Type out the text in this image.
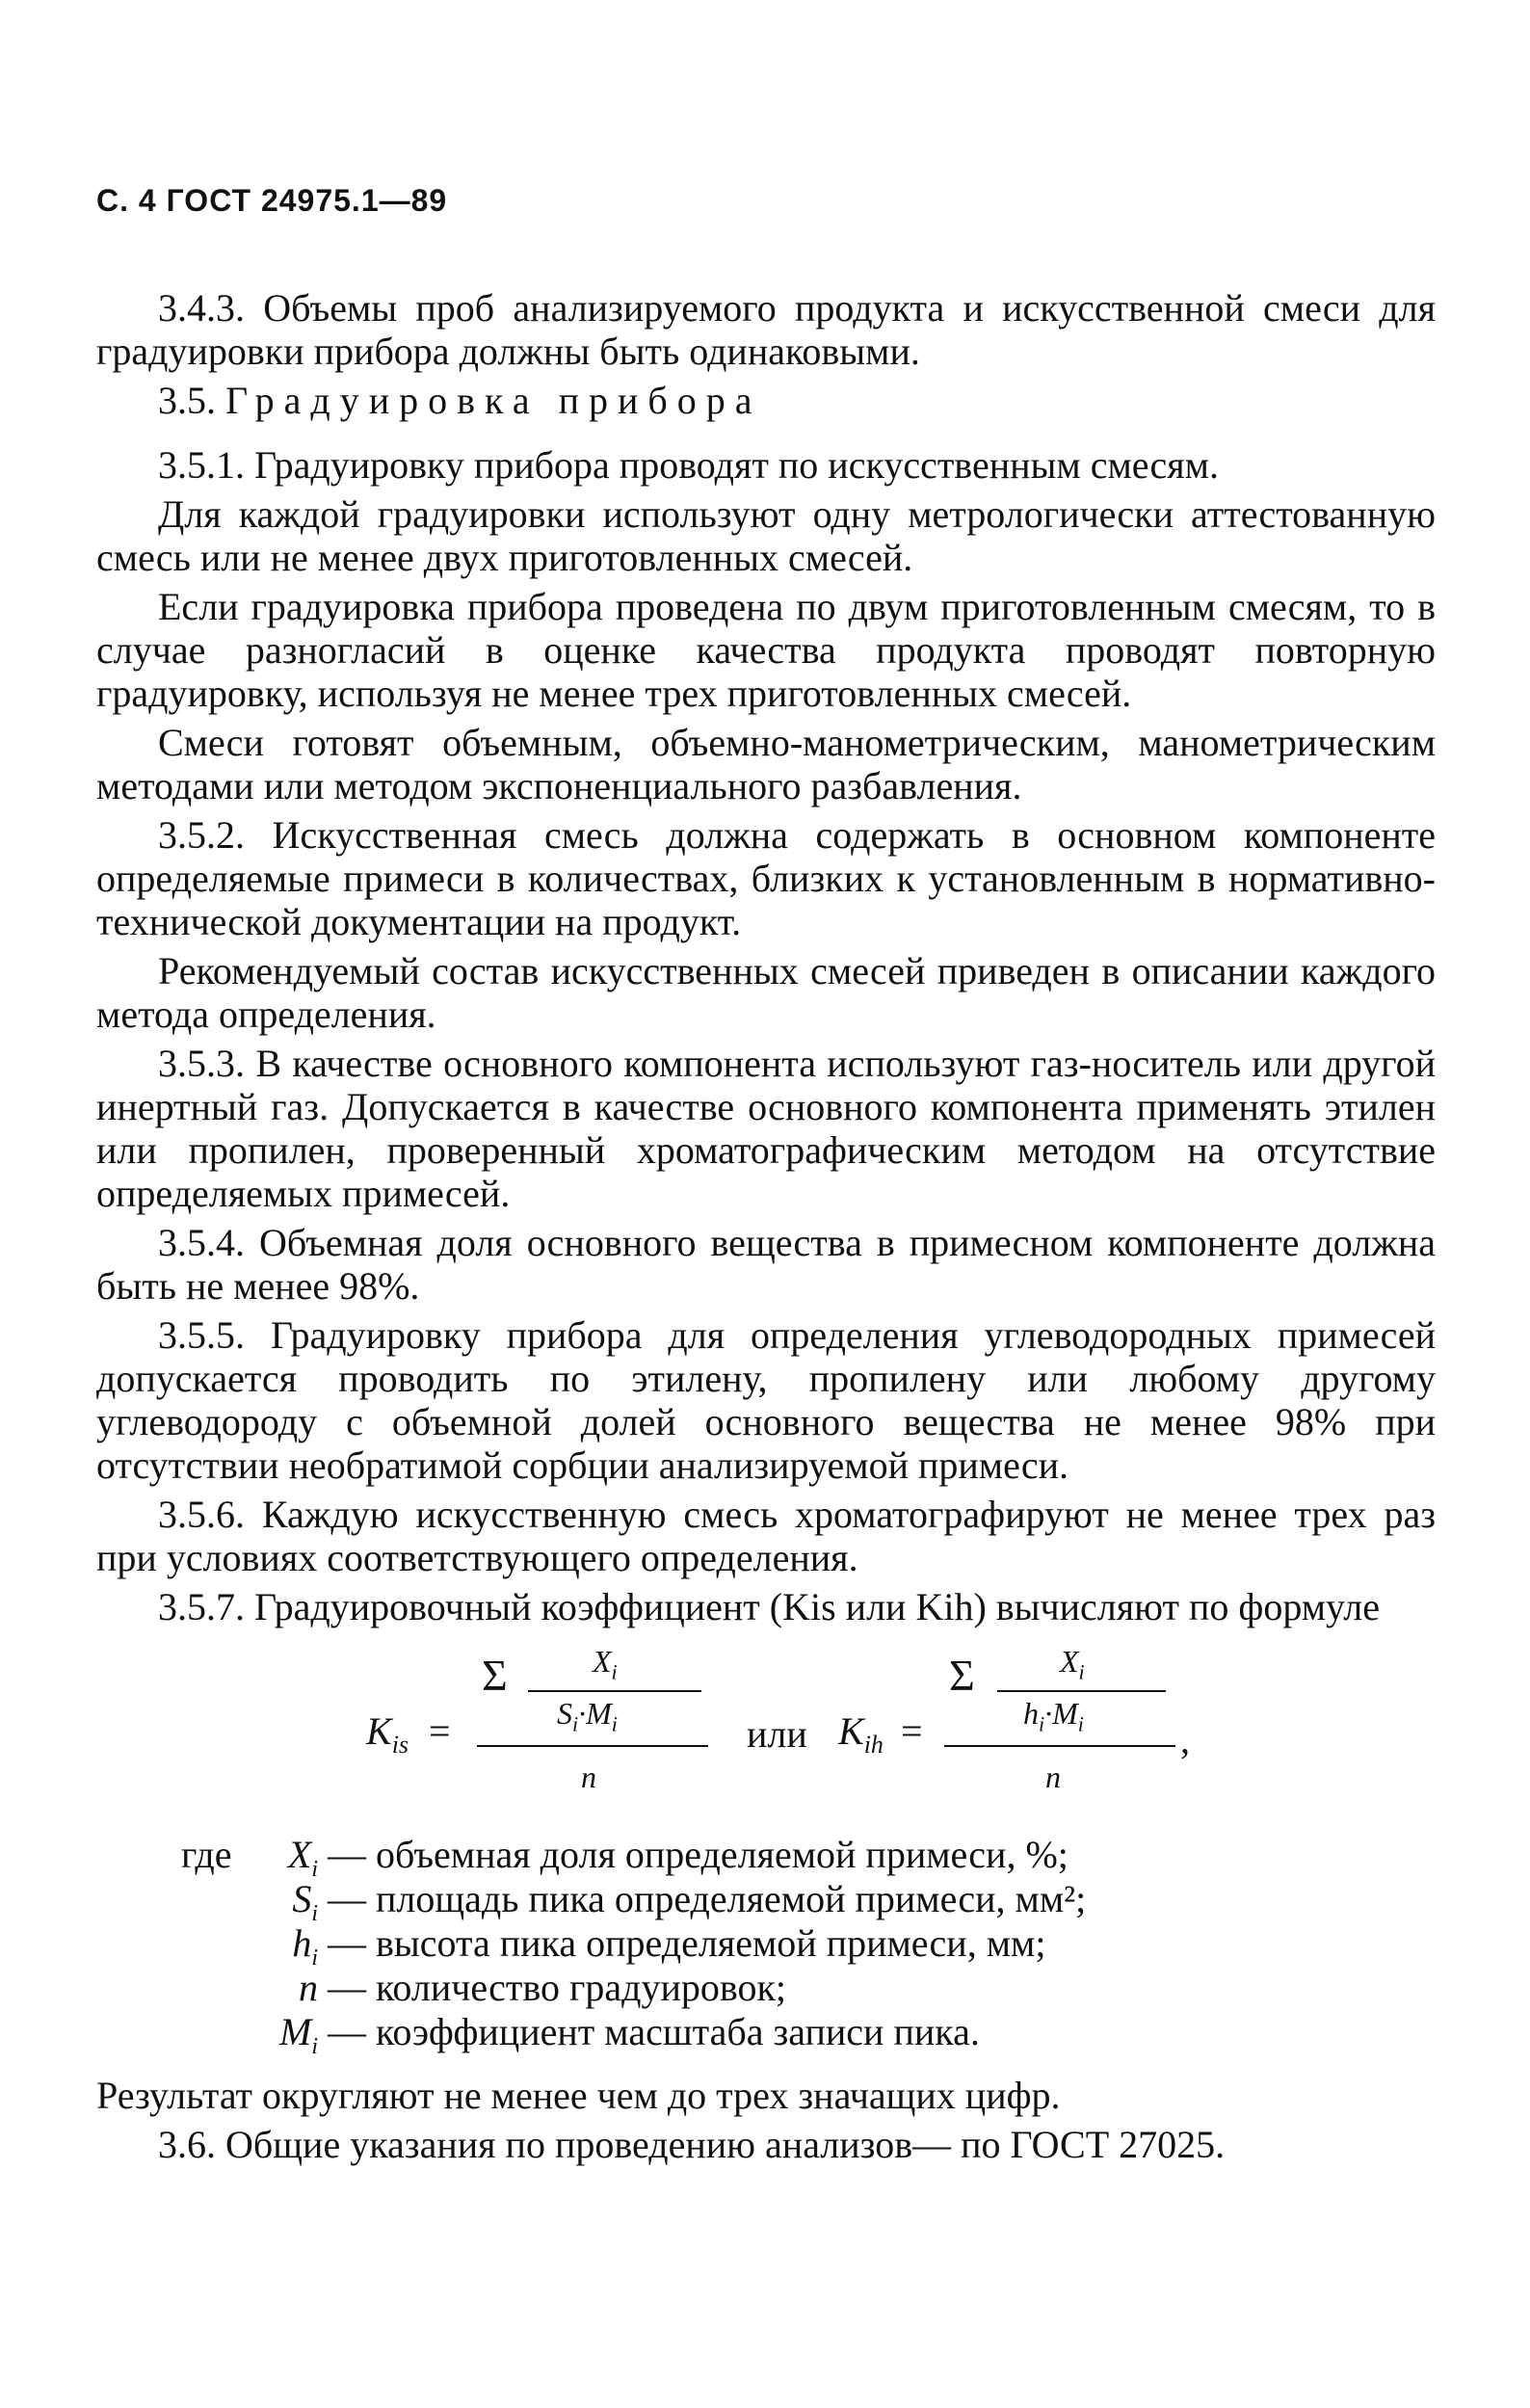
С. 4 ГОСТ 24975.1—89

3.4.3. Объемы проб анализируемого продукта и искусственной смеси для градуировки прибора должны быть одинаковыми.

3.5. Градуировка прибора

3.5.1. Градуировку прибора проводят по искусственным смесям.

Для каждой градуировки используют одну метрологически аттестованную смесь или не менее двух приготовленных смесей.

Если градуировка прибора проведена по двум приготовленным смесям, то в случае разногласий в оценке качества продукта проводят повторную градуировку, используя не менее трех приготовленных смесей.

Смеси готовят объемным, объемно-манометрическим, манометрическим методами или методом экспоненциального разбавления.

3.5.2. Искусственная смесь должна содержать в основном компоненте определяемые примеси в количествах, близких к установленным в нормативно-технической документации на продукт.

Рекомендуемый состав искусственных смесей приведен в описании каждого метода определения.

3.5.3. В качестве основного компонента используют газ-носитель или другой инертный газ. Допускается в качестве основного компонента применять этилен или пропилен, проверенный хроматографическим методом на отсутствие определяемых примесей.

3.5.4. Объемная доля основного вещества в примесном компоненте должна быть не менее 98%.

3.5.5. Градуировку прибора для определения углеводородных примесей допускается проводить по этилену, пропилену или любому другому углеводороду с объемной долей основного вещества не менее 98% при отсутствии необратимой сорбции анализируемой примеси.

3.5.6. Каждую искусственную смесь хроматографируют не менее трех раз при условиях соответствующего определения.

3.5.7. Градуировочный коэффициент (Kis или Kih) вычисляют по формуле

$K_{is}$ =
Σ	$X_i$
$S_i\cdot M_i$
n
или $K_{ih}$ =
Σ	$X_i$
$h_i\cdot M_i$
n
,
где	$X_i$ — объемная доля определяемой примеси, %;
$S_i$ — площадь пика определяемой примеси, мм²;
$h_i$ — высота пика определяемой примеси, мм;
n — количество градуировок;
$M_i$ — коэффициент масштаба записи пика.

Результат округляют не менее чем до трех значащих цифр.

3.6. Общие указания по проведению анализов— по ГОСТ 27025.
